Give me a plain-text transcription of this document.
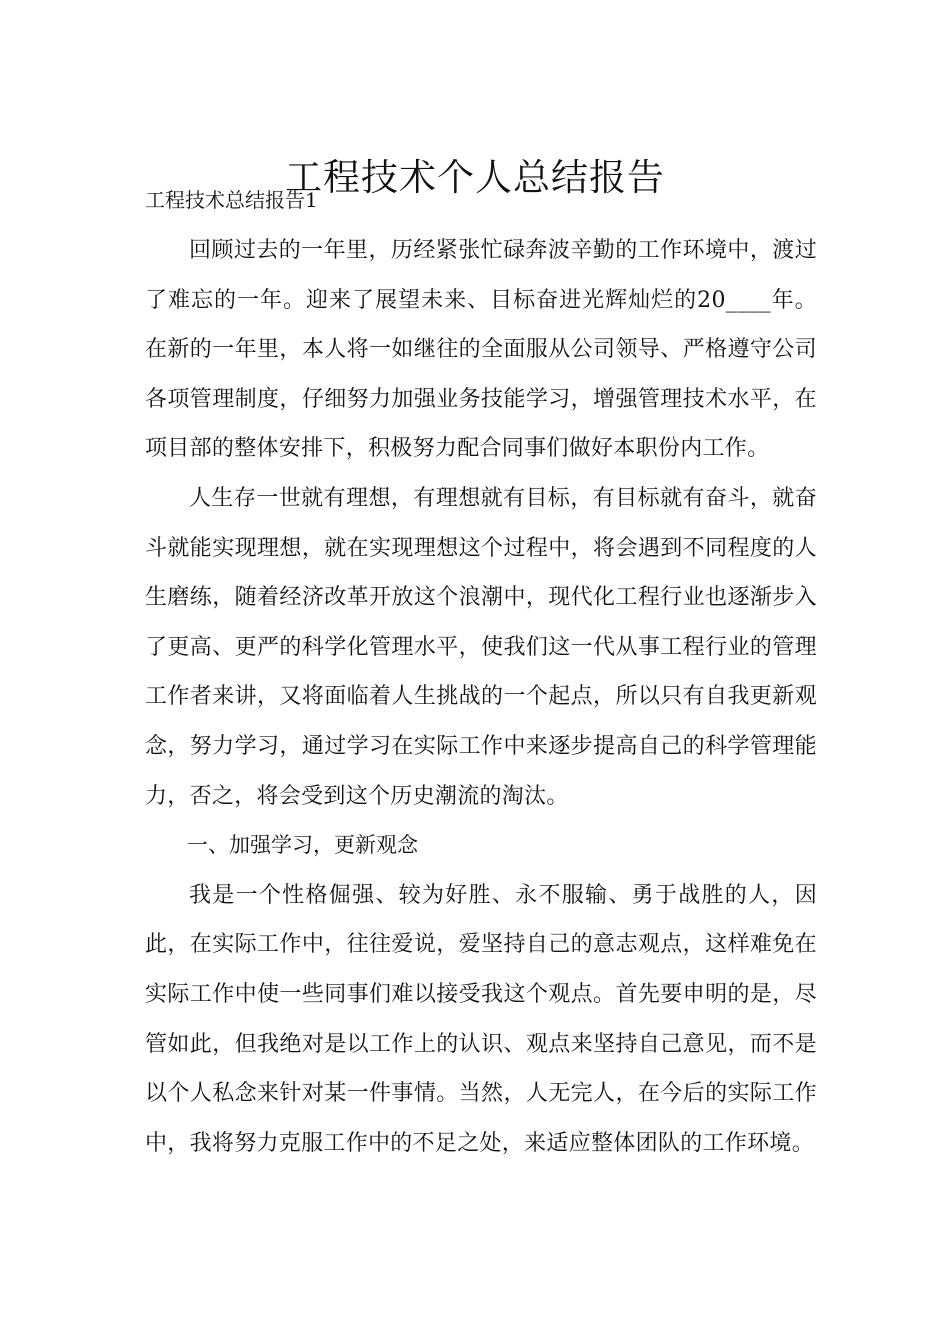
工程技术个人总结报告
工程技术总结报告1

回顾过去的一年里，历经紧张忙碌奔波辛勤的工作环境中，渡过了难忘的一年。迎来了展望未来、目标奋进光辉灿烂的20____年。在新的一年里，本人将一如继往的全面服从公司领导、严格遵守公司各项管理制度，仔细努力加强业务技能学习，增强管理技术水平，在项目部的整体安排下，积极努力配合同事们做好本职份内工作。

人生存一世就有理想，有理想就有目标，有目标就有奋斗，就奋斗就能实现理想，就在实现理想这个过程中，将会遇到不同程度的人生磨练，随着经济改革开放这个浪潮中，现代化工程行业也逐渐步入了更高、更严的科学化管理水平，使我们这一代从事工程行业的管理工作者来讲，又将面临着人生挑战的一个起点，所以只有自我更新观念，努力学习，通过学习在实际工作中来逐步提高自己的科学管理能力，否之，将会受到这个历史潮流的淘汰。

一、加强学习，更新观念

我是一个性格倔强、较为好胜、永不服输、勇于战胜的人，因此，在实际工作中，往往爱说，爱坚持自己的意志观点，这样难免在实际工作中使一些同事们难以接受我这个观点。首先要申明的是，尽管如此，但我绝对是以工作上的认识、观点来坚持自己意见，而不是以个人私念来针对某一件事情。当然，人无完人，在今后的实际工作中，我将努力克服工作中的不足之处，来适应整体团队的工作环境。
